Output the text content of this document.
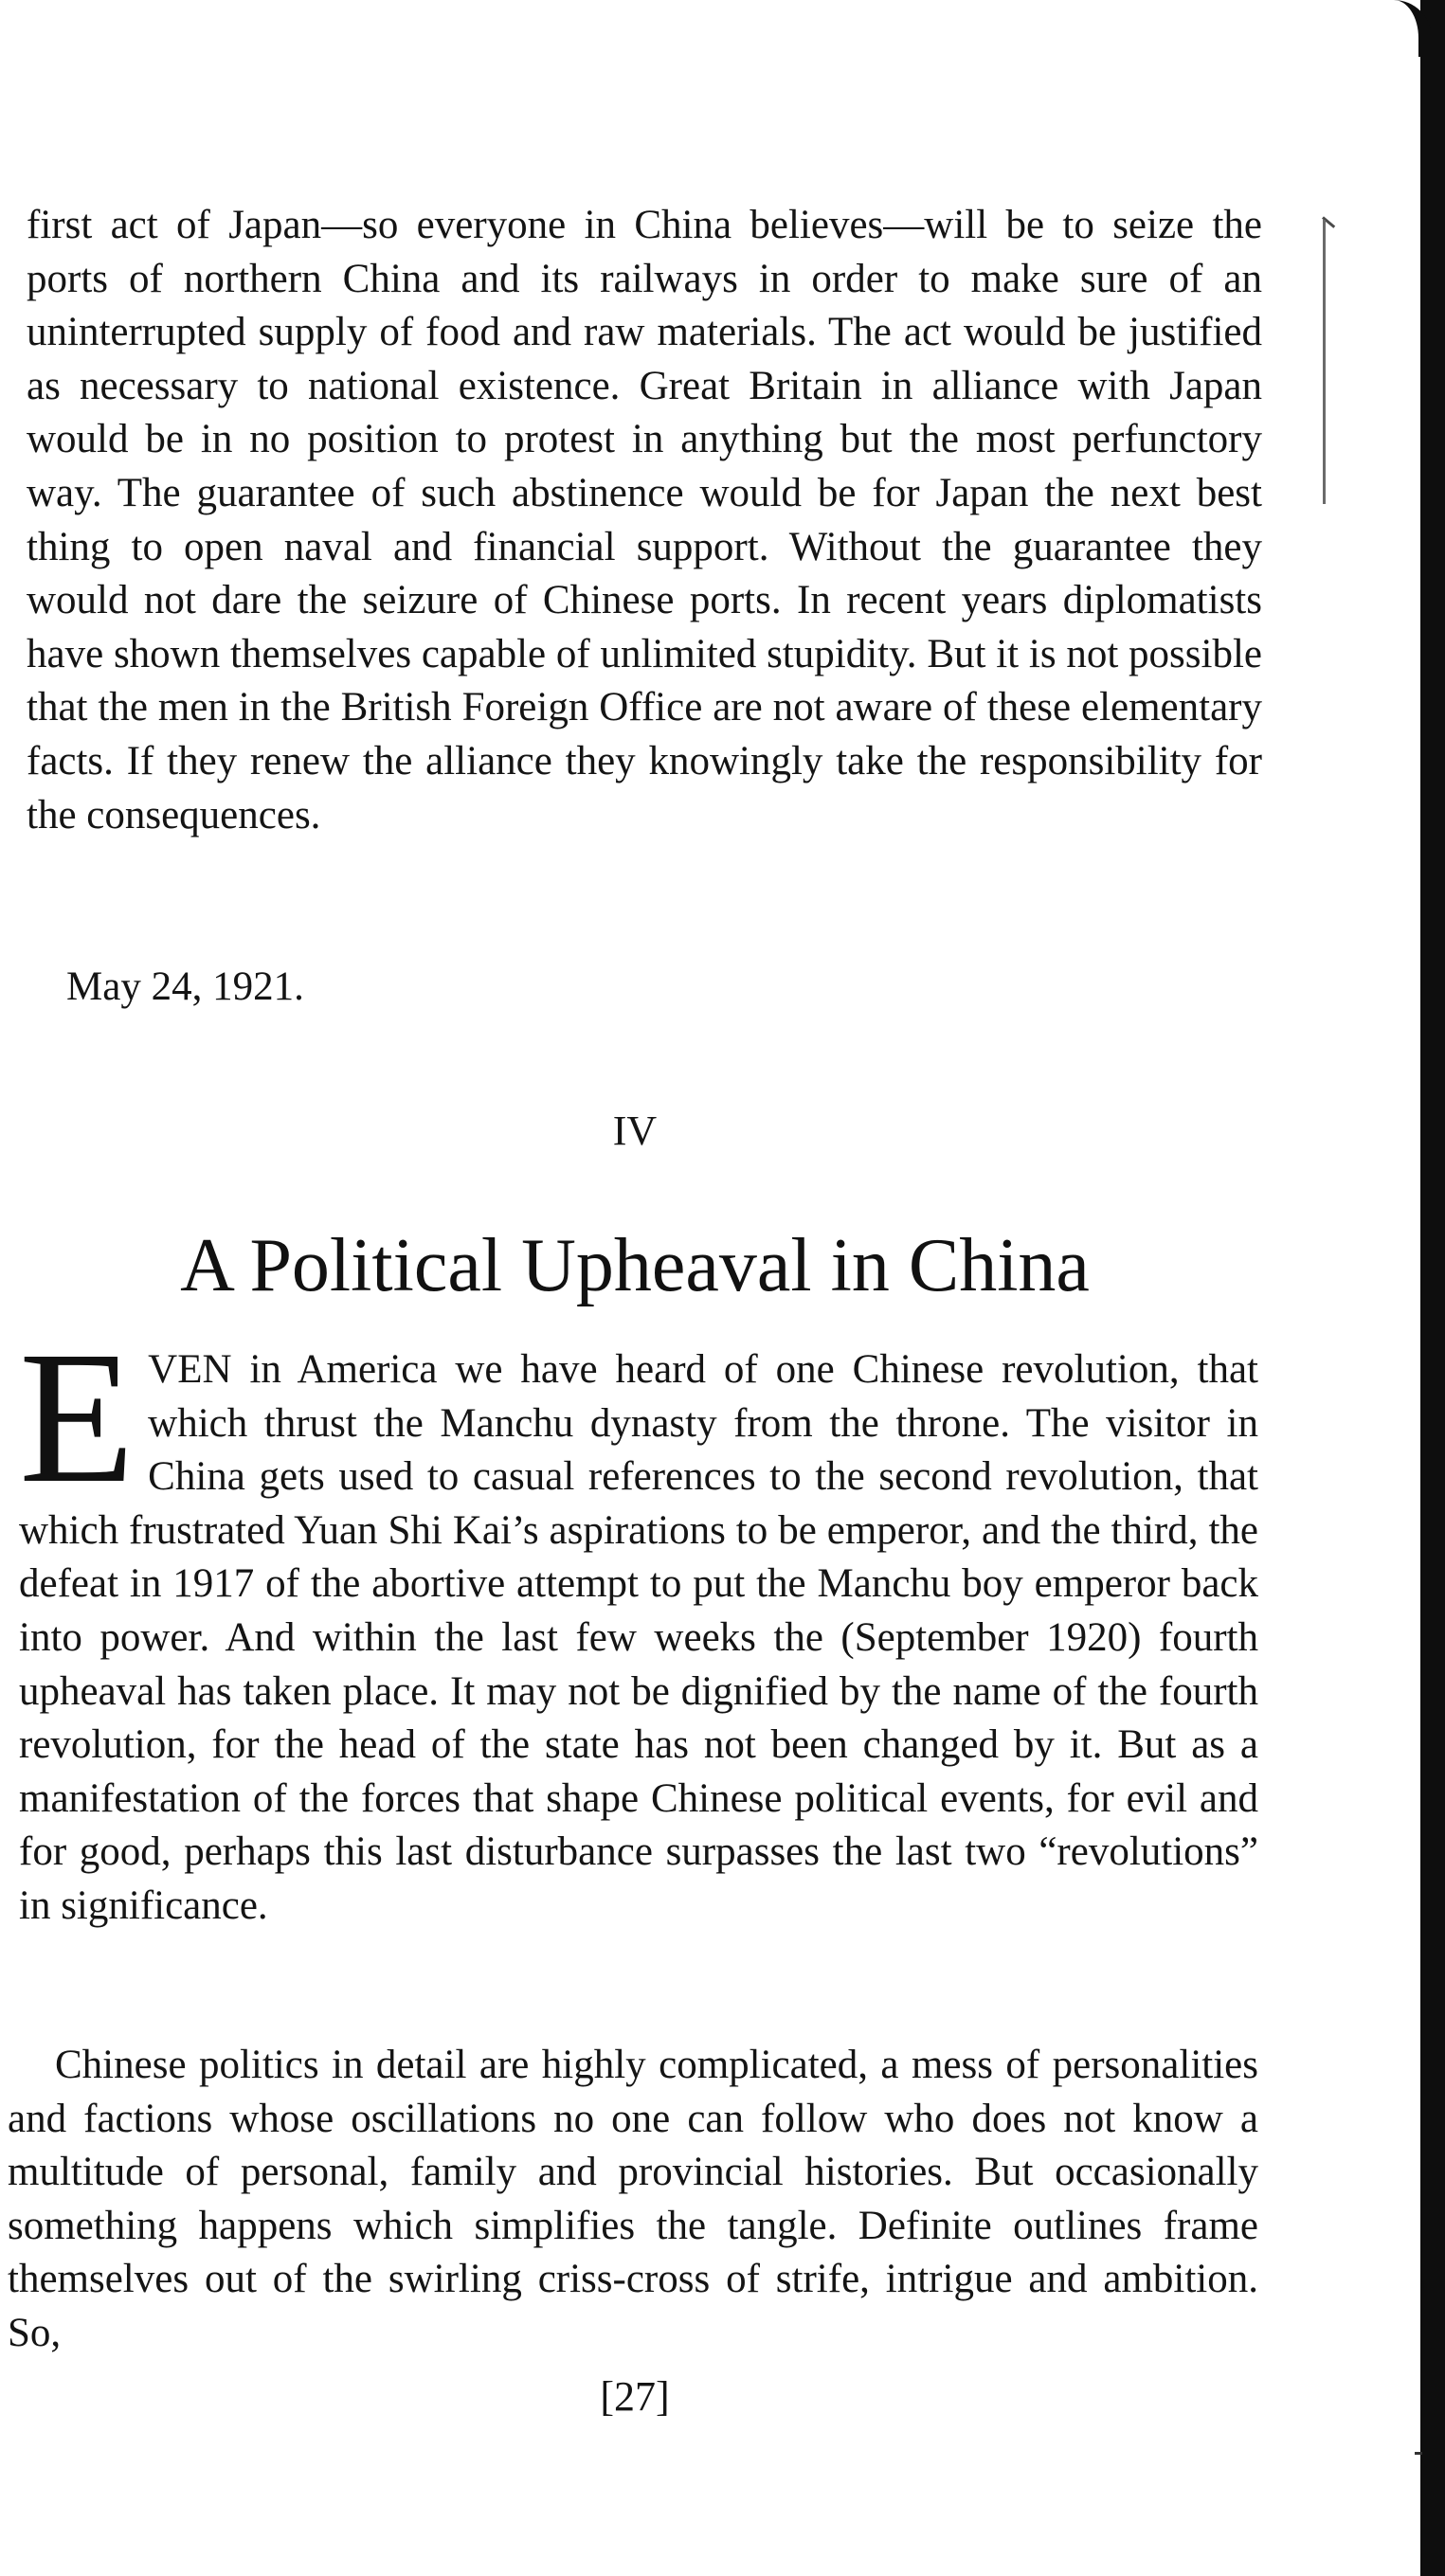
first act of Japan—so everyone in China believes—will be to seize the ports of northern China and its railways in order to make sure of an uninterrupted supply of food and raw materials. The act would be justified as necessary to national existence. Great Britain in alliance with Japan would be in no position to protest in anything but the most perfunctory way. The guarantee of such abstinence would be for Japan the next best thing to open naval and financial support. Without the guarantee they would not dare the seizure of Chinese ports. In recent years diplomatists have shown themselves capable of unlimited stupidity. But it is not possible that the men in the British Foreign Office are not aware of these elementary facts. If they renew the alliance they knowingly take the responsibility for the consequences.
May 24, 1921.
IV
A Political Upheaval in China
EVEN in America we have heard of one Chinese revolution, that which thrust the Manchu dynasty from the throne. The visitor in China gets used to casual references to the second revolution, that which frustrated Yuan Shi Kai’s aspirations to be emperor, and the third, the defeat in 1917 of the abortive attempt to put the Manchu boy emperor back into power. And within the last few weeks the (September 1920) fourth upheaval has taken place. It may not be dignified by the name of the fourth revolution, for the head of the state has not been changed by it. But as a manifestation of the forces that shape Chinese political events, for evil and for good, perhaps this last disturbance surpasses the last two “revolutions” in significance.

Chinese politics in detail are highly complicated, a mess of personalities and factions whose oscillations no one can follow who does not know a multitude of personal, family and provincial histories. But occasionally something happens which simplifies the tangle. Definite outlines frame themselves out of the swirling criss-cross of strife, intrigue and ambition. So,

[27]
